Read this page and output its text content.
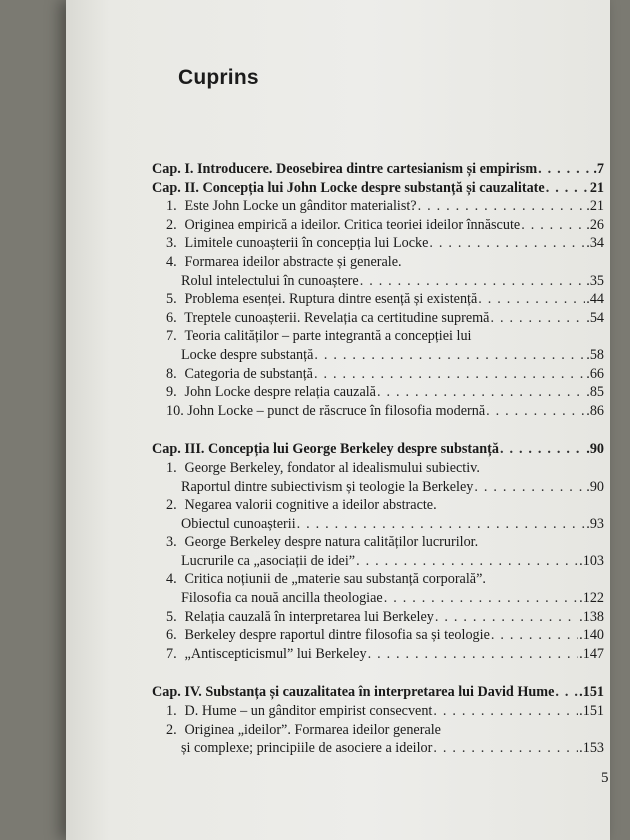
Cuprins
Cap. I. Introducere. Deosebirea dintre cartesianism și empirism . . .	.7
Cap. II. Concepția lui John Locke despre substanță și cauzalitate . . .	21
1. Este John Locke un gânditor materialist? . . .	.21
2. Originea empirică a ideilor. Critica teoriei ideilor înnăscute . . .	.26
3. Limitele cunoașterii în concepția lui Locke . . .	.34
4.
Formarea ideilor abstracte și generale.
Rolul intelectului în cunoaștere . . .	.35
5. Problema esenței. Ruptura dintre esență și existență . . .	.44
6. Treptele cunoașterii. Revelația ca certitudine supremă . . .	.54
7.
Teoria calităților – parte integrantă a concepției lui
Locke despre substanță . . .	.58
8. Categoria de substanță . . .	.66
9. John Locke despre relația cauzală . . .	.85
10. John Locke – punct de răscruce în filosofia modernă . . .	.86
Cap. III. Concepția lui George Berkeley despre substanță . . .	.90
1.
George Berkeley, fondator al idealismului subiectiv.
Raportul dintre subiectivism și teologie la Berkeley . . .	.90
2.
Negarea valorii cognitive a ideilor abstracte.
Obiectul cunoașterii . . .	.93
3.
George Berkeley despre natura calităților lucrurilor.
Lucrurile ca „asociații de idei” . . .	.103
4.
Critica noțiunii de „materie sau substanță corporală”.
Filosofia ca nouă ancilla theologiae . . .	.122
5. Relația cauzală în interpretarea lui Berkeley . . .	.138
6. Berkeley despre raportul dintre filosofia sa și teologie . . .	.140
7. „Antiscepticismul” lui Berkeley . . .	.147
Cap. IV. Substanța și cauzalitatea în interpretarea lui David Hume . . . .151
1. D. Hume – un gânditor empirist consecvent . . .	.151
2.
Originea „ideilor”. Formarea ideilor generale
și complexe; principiile de asociere a ideilor . . .	.153
5
